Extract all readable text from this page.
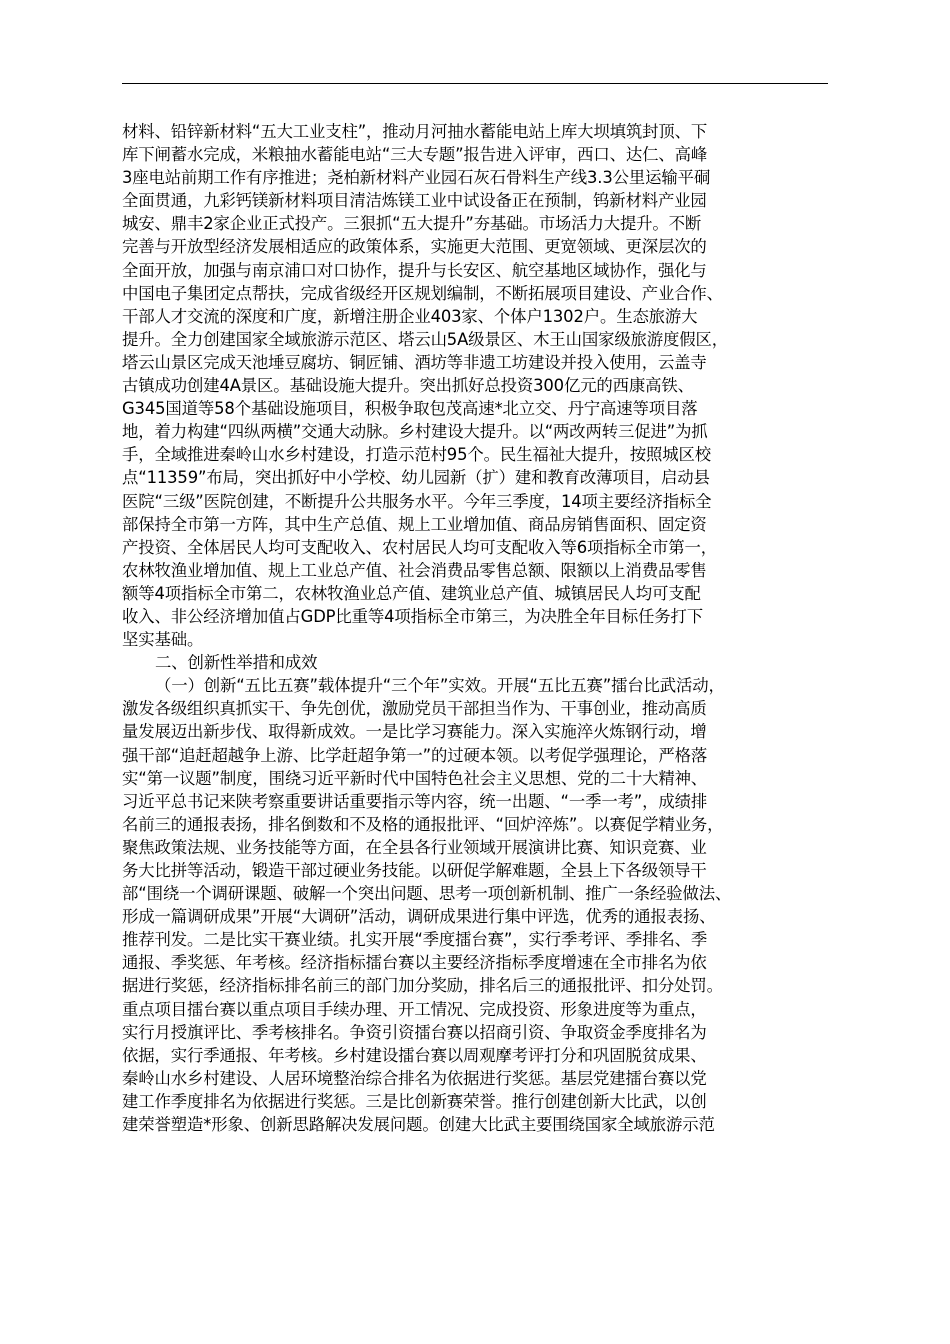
材料、铅锌新材料“五大工业支柱”，推动月河抽水蓄能电站上库大坝填筑封顶、下
库下闸蓄水完成，米粮抽水蓄能电站“三大专题”报告进入评审，西口、达仁、高峰
3座电站前期工作有序推进；尧柏新材料产业园石灰石骨料生产线3.3公里运输平硐
全面贯通，九彩钙镁新材料项目清洁炼镁工业中试设备正在预制，钨新材料产业园
城安、鼎丰2家企业正式投产。三狠抓“五大提升”夯基础。市场活力大提升。不断
完善与开放型经济发展相适应的政策体系，实施更大范围、更宽领域、更深层次的
全面开放，加强与南京浦口对口协作，提升与长安区、航空基地区域协作，强化与
中国电子集团定点帮扶，完成省级经开区规划编制，不断拓展项目建设、产业合作、
干部人才交流的深度和广度，新增注册企业403家、个体户1302户。生态旅游大
提升。全力创建国家全域旅游示范区、塔云山5A级景区、木王山国家级旅游度假区，
塔云山景区完成天池埵豆腐坊、铜匠铺、酒坊等非遗工坊建设并投入使用，云盖寺
古镇成功创建4A景区。基础设施大提升。突出抓好总投资300亿元的西康高铁、
G345国道等58个基础设施项目，积极争取包茂高速*北立交、丹宁高速等项目落
地，着力构建“四纵两横”交通大动脉。乡村建设大提升。以“两改两转三促进”为抓
手，全域推进秦岭山水乡村建设，打造示范村95个。民生福祉大提升，按照城区校
点“11359”布局，突出抓好中小学校、幼儿园新（扩）建和教育改薄项目，启动县
医院“三级”医院创建，不断提升公共服务水平。今年三季度，14项主要经济指标全
部保持全市第一方阵，其中生产总值、规上工业增加值、商品房销售面积、固定资
产投资、全体居民人均可支配收入、农村居民人均可支配收入等6项指标全市第一，
农林牧渔业增加值、规上工业总产值、社会消费品零售总额、限额以上消费品零售
额等4项指标全市第二，农林牧渔业总产值、建筑业总产值、城镇居民人均可支配
收入、非公经济增加值占GDP比重等4项指标全市第三，为决胜全年目标任务打下
坚实基础。
二、创新性举措和成效
（一）创新“五比五赛”载体提升“三个年”实效。开展“五比五赛”擂台比武活动，
激发各级组织真抓实干、争先创优，激励党员干部担当作为、干事创业，推动高质
量发展迈出新步伐、取得新成效。一是比学习赛能力。深入实施淬火炼钢行动，增
强干部“追赶超越争上游、比学赶超争第一”的过硬本领。以考促学强理论，严格落
实“第一议题”制度，围绕习近平新时代中国特色社会主义思想、党的二十大精神、
习近平总书记来陕考察重要讲话重要指示等内容，统一出题、“一季一考”，成绩排
名前三的通报表扬，排名倒数和不及格的通报批评、“回炉淬炼”。以赛促学精业务，
聚焦政策法规、业务技能等方面，在全县各行业领域开展演讲比赛、知识竞赛、业
务大比拼等活动，锻造干部过硬业务技能。以研促学解难题，全县上下各级领导干
部“围绕一个调研课题、破解一个突出问题、思考一项创新机制、推广一条经验做法、
形成一篇调研成果”开展“大调研”活动，调研成果进行集中评选，优秀的通报表扬、
推荐刊发。二是比实干赛业绩。扎实开展“季度擂台赛”，实行季考评、季排名、季
通报、季奖惩、年考核。经济指标擂台赛以主要经济指标季度增速在全市排名为依
据进行奖惩，经济指标排名前三的部门加分奖励，排名后三的通报批评、扣分处罚。
重点项目擂台赛以重点项目手续办理、开工情况、完成投资、形象进度等为重点，
实行月授旗评比、季考核排名。争资引资擂台赛以招商引资、争取资金季度排名为
依据，实行季通报、年考核。乡村建设擂台赛以周观摩考评打分和巩固脱贫成果、
秦岭山水乡村建设、人居环境整治综合排名为依据进行奖惩。基层党建擂台赛以党
建工作季度排名为依据进行奖惩。三是比创新赛荣誉。推行创建创新大比武，以创
建荣誉塑造*形象、创新思路解决发展问题。创建大比武主要围绕国家全域旅游示范
